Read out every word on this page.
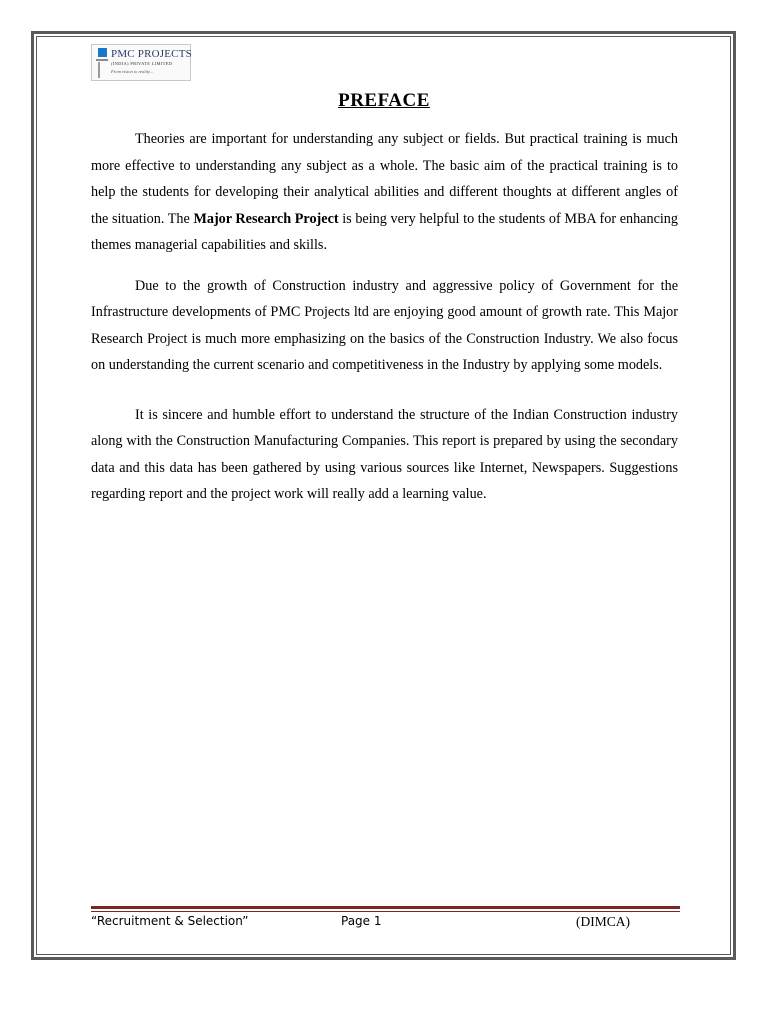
PMC PROJECTS
(INDIA) PRIVATE LIMITED
From vision to reality...
PREFACE

Theories are important for understanding any subject or fields. But practical training is much more effective to understanding any subject as a whole. The basic aim of the practical training is to help the students for developing their analytical abilities and different thoughts at different angles of the situation. The Major Research Project is being very helpful to the students of MBA for enhancing themes managerial capabilities and skills.

Due to the growth of Construction industry and aggressive policy of Government for the Infrastructure developments of PMC Projects ltd are enjoying good amount of growth rate. This Major Research Project is much more emphasizing on the basics of the Construction Industry. We also focus on understanding the current scenario and competitiveness in the Industry by applying some models.

It is sincere and humble effort to understand the structure of the Indian Construction industry along with the Construction Manufacturing Companies. This report is prepared by using the secondary data and this data has been gathered by using various sources like Internet, Newspapers. Suggestions regarding report and the project work will really add a learning value.

“Recruitment & Selection”	Page 1	(DIMCA)
